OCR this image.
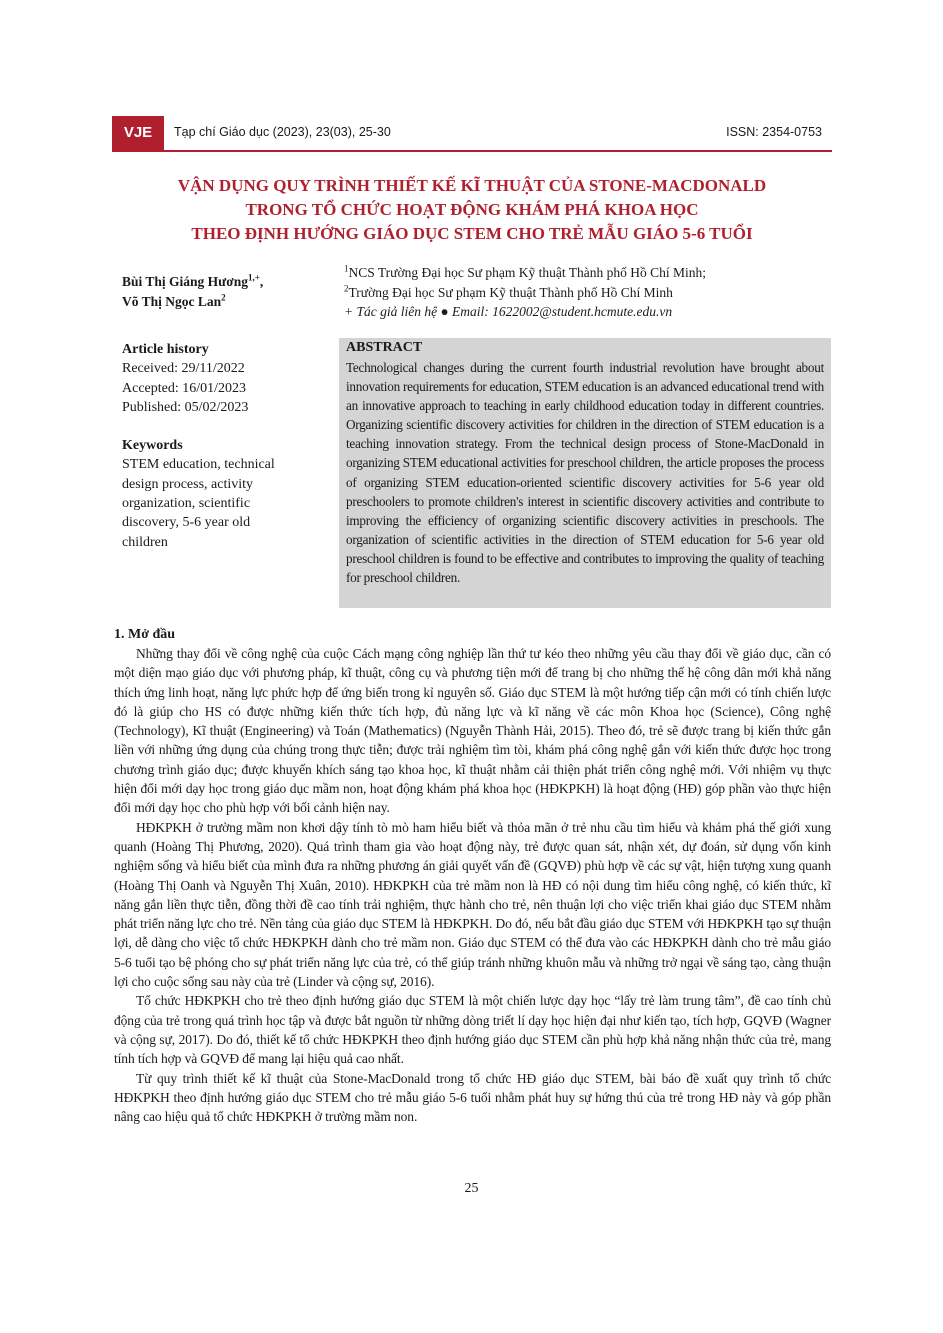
VJE	Tạp chí Giáo dục (2023), 23(03), 25-30	ISSN: 2354-0753
VẬN DỤNG QUY TRÌNH THIẾT KẾ KĨ THUẬT CỦA STONE-MACDONALD
TRONG TỔ CHỨC HOẠT ĐỘNG KHÁM PHÁ KHOA HỌC
THEO ĐỊNH HƯỚNG GIÁO DỤC STEM CHO TRẺ MẪU GIÁO 5-6 TUỔI
Bùi Thị Giáng Hương$^{1,+}$,
Võ Thị Ngọc Lan$^2$
$^1$NCS Trường Đại học Sư phạm Kỹ thuật Thành phố Hồ Chí Minh;
$^2$Trường Đại học Sư phạm Kỹ thuật Thành phố Hồ Chí Minh
+ Tác giả liên hệ ● Email: 1622002@student.hcmute.edu.vn
Article history
Received: 29/11/2022
Accepted: 16/01/2023
Published: 05/02/2023
Keywords
STEM education, technical
design process, activity
organization, scientific
discovery, 5-6 year old
children
ABSTRACT
Technological changes during the current fourth industrial revolution have brought about innovation requirements for education, STEM education is an advanced educational trend with an innovative approach to teaching in early childhood education today in different countries. Organizing scientific discovery activities for children in the direction of STEM education is a teaching innovation strategy. From the technical design process of Stone-MacDonald in organizing STEM educational activities for preschool children, the article proposes the process of organizing STEM education-oriented scientific discovery activities for 5-6 year old preschoolers to promote children's interest in scientific discovery activities and contribute to improving the efficiency of organizing scientific discovery activities in preschools. The organization of scientific activities in the direction of STEM education for 5-6 year old preschool children is found to be effective and contributes to improving the quality of teaching for preschool children.
1. Mở đầu

Những thay đổi về công nghệ của cuộc Cách mạng công nghiệp lần thứ tư kéo theo những yêu cầu thay đổi về giáo dục, cần có một diện mạo giáo dục với phương pháp, kĩ thuật, công cụ và phương tiện mới để trang bị cho những thế hệ công dân mới khả năng thích ứng linh hoạt, năng lực phức hợp để ứng biến trong kỉ nguyên số. Giáo dục STEM là một hướng tiếp cận mới có tính chiến lược đó là giúp cho HS có được những kiến thức tích hợp, đủ năng lực và kĩ năng về các môn Khoa học (Science), Công nghệ (Technology), Kĩ thuật (Engineering) và Toán (Mathematics) (Nguyễn Thành Hải, 2015). Theo đó, trẻ sẽ được trang bị kiến thức gắn liền với những ứng dụng của chúng trong thực tiễn; được trải nghiệm tìm tòi, khám phá công nghệ gắn với kiến thức được học trong chương trình giáo dục; được khuyến khích sáng tạo khoa học, kĩ thuật nhằm cải thiện phát triển công nghệ mới. Với nhiệm vụ thực hiện đổi mới dạy học trong giáo dục mầm non, hoạt động khám phá khoa học (HĐKPKH) là hoạt động (HĐ) góp phần vào thực hiện đổi mới dạy học cho phù hợp với bối cảnh hiện nay.

HĐKPKH ở trường mầm non khơi dậy tính tò mò ham hiểu biết và thỏa mãn ở trẻ nhu cầu tìm hiểu và khám phá thế giới xung quanh (Hoàng Thị Phương, 2020). Quá trình tham gia vào hoạt động này, trẻ được quan sát, nhận xét, dự đoán, sử dụng vốn kinh nghiệm sống và hiểu biết của mình đưa ra những phương án giải quyết vấn đề (GQVĐ) phù hợp về các sự vật, hiện tượng xung quanh (Hoàng Thị Oanh và Nguyễn Thị Xuân, 2010). HĐKPKH của trẻ mầm non là HĐ có nội dung tìm hiểu công nghệ, có kiến thức, kĩ năng gắn liền thực tiễn, đồng thời đề cao tính trải nghiệm, thực hành cho trẻ, nên thuận lợi cho việc triển khai giáo dục STEM nhằm phát triển năng lực cho trẻ. Nền tảng của giáo dục STEM là HĐKPKH. Do đó, nếu bắt đầu giáo dục STEM với HĐKPKH tạo sự thuận lợi, dễ dàng cho việc tổ chức HĐKPKH dành cho trẻ mầm non. Giáo dục STEM có thể đưa vào các HĐKPKH dành cho trẻ mẫu giáo 5-6 tuổi tạo bệ phóng cho sự phát triển năng lực của trẻ, có thể giúp tránh những khuôn mẫu và những trở ngại về sáng tạo, càng thuận lợi cho cuộc sống sau này của trẻ (Linder và cộng sự, 2016).

Tổ chức HĐKPKH cho trẻ theo định hướng giáo dục STEM là một chiến lược dạy học “lấy trẻ làm trung tâm”, đề cao tính chủ động của trẻ trong quá trình học tập và được bắt nguồn từ những dòng triết lí dạy học hiện đại như kiến tạo, tích hợp, GQVĐ (Wagner và cộng sự, 2017). Do đó, thiết kế tổ chức HĐKPKH theo định hướng giáo dục STEM cần phù hợp khả năng nhận thức của trẻ, mang tính tích hợp và GQVĐ để mang lại hiệu quả cao nhất.

Từ quy trình thiết kế kĩ thuật của Stone-MacDonald trong tổ chức HĐ giáo dục STEM, bài báo đề xuất quy trình tổ chức HĐKPKH theo định hướng giáo dục STEM cho trẻ mẫu giáo 5-6 tuổi nhằm phát huy sự hứng thú của trẻ trong HĐ này và góp phần nâng cao hiệu quả tổ chức HĐKPKH ở trường mầm non.

25
